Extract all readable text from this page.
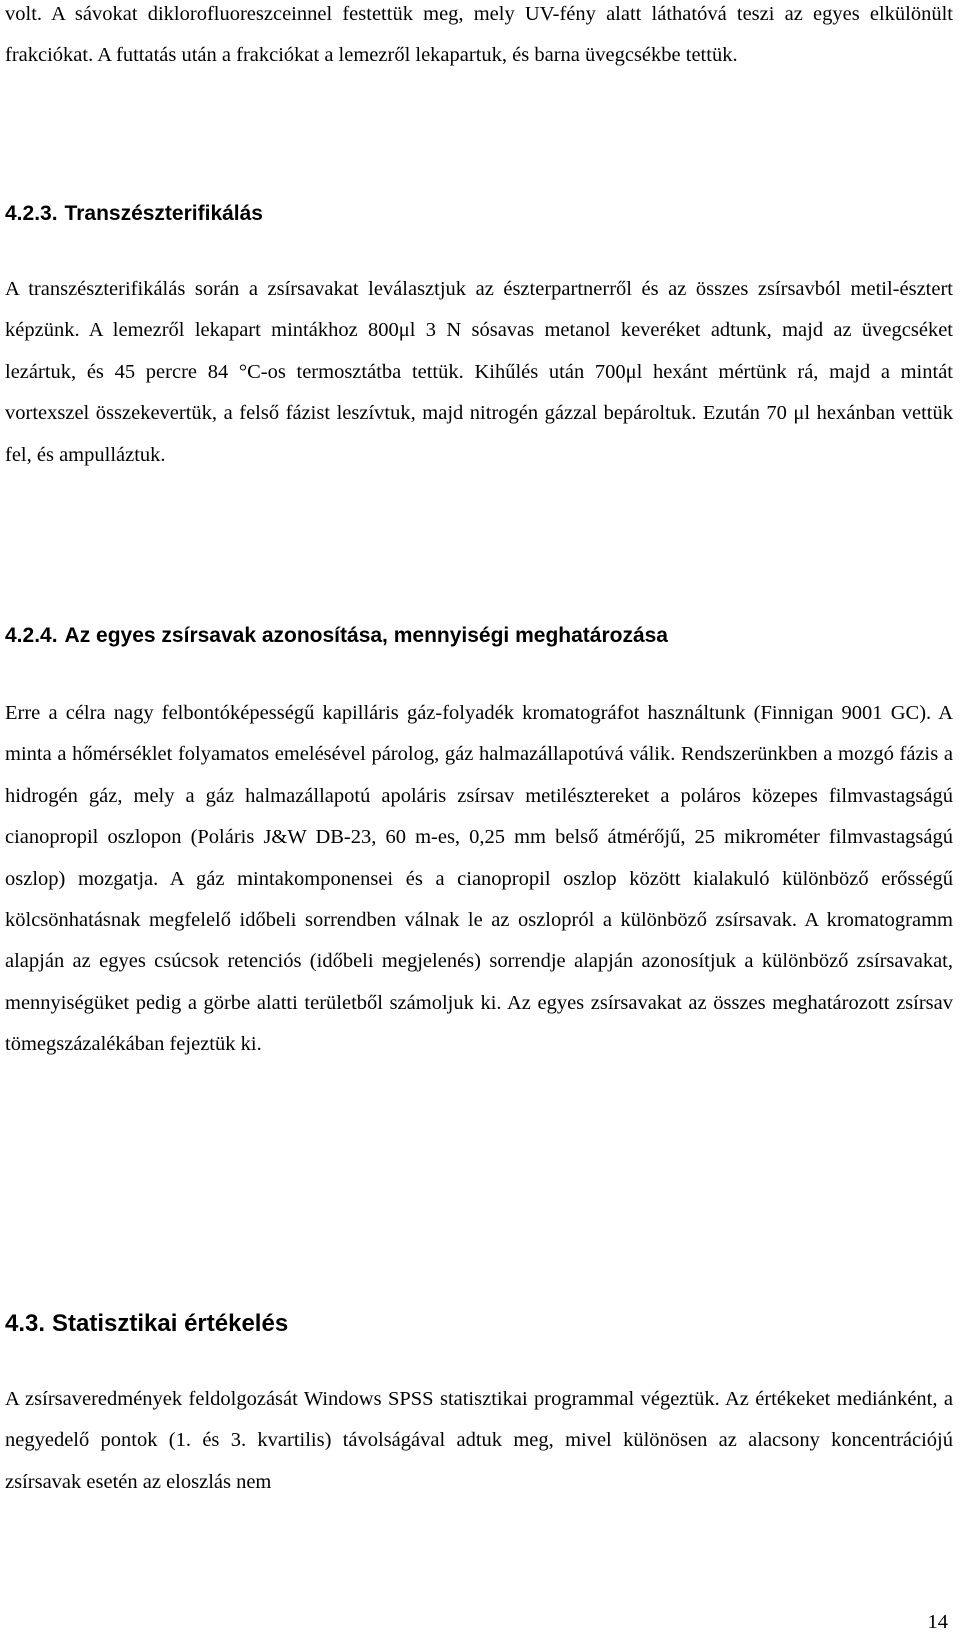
volt. A sávokat diklorofluoreszceinnel festettük meg, mely UV-fény alatt láthatóvá teszi az egyes elkülönült frakciókat. A futtatás után a frakciókat a lemezről lekapartuk, és barna üvegcsékbe tettük.

4.2.3. Transzészterifikálás

A transzészterifikálás során a zsírsavakat leválasztjuk az észterpartnerről és az összes zsírsavból metil-észtert képzünk. A lemezről lekapart mintákhoz 800μl 3 N sósavas metanol keveréket adtunk, majd az üvegcséket lezártuk, és 45 percre 84 °C-os termosztátba tettük. Kihűlés után 700μl hexánt mértünk rá, majd a mintát vortexszel összekevertük, a felső fázist leszívtuk, majd nitrogén gázzal bepároltuk. Ezután 70 μl hexánban vettük fel, és ampulláztuk.

4.2.4. Az egyes zsírsavak azonosítása, mennyiségi meghatározása

Erre a célra nagy felbontóképességű kapilláris gáz-folyadék kromatográfot használtunk (Finnigan 9001 GC). A minta a hőmérséklet folyamatos emelésével párolog, gáz halmazállapotúvá válik. Rendszerünkben a mozgó fázis a hidrogén gáz, mely a gáz halmazállapotú apoláris zsírsav metilésztereket a poláros közepes filmvastagságú cianopropil oszlopon (Poláris J&W DB-23, 60 m-es, 0,25 mm belső átmérőjű, 25 mikrométer filmvastagságú oszlop) mozgatja. A gáz mintakomponensei és a cianopropil oszlop között kialakuló különböző erősségű kölcsönhatásnak megfelelő időbeli sorrendben válnak le az oszlopról a különböző zsírsavak. A kromatogramm alapján az egyes csúcsok retenciós (időbeli megjelenés) sorrendje alapján azonosítjuk a különböző zsírsavakat, mennyiségüket pedig a görbe alatti területből számoljuk ki. Az egyes zsírsavakat az összes meghatározott zsírsav tömegszázalékában fejeztük ki.

4.3. Statisztikai értékelés

A zsírsaveredmények feldolgozását Windows SPSS statisztikai programmal végeztük. Az értékeket mediánként, a negyedelő pontok (1. és 3. kvartilis) távolságával adtuk meg, mivel különösen az alacsony koncentrációjú zsírsavak esetén az eloszlás nem

14
